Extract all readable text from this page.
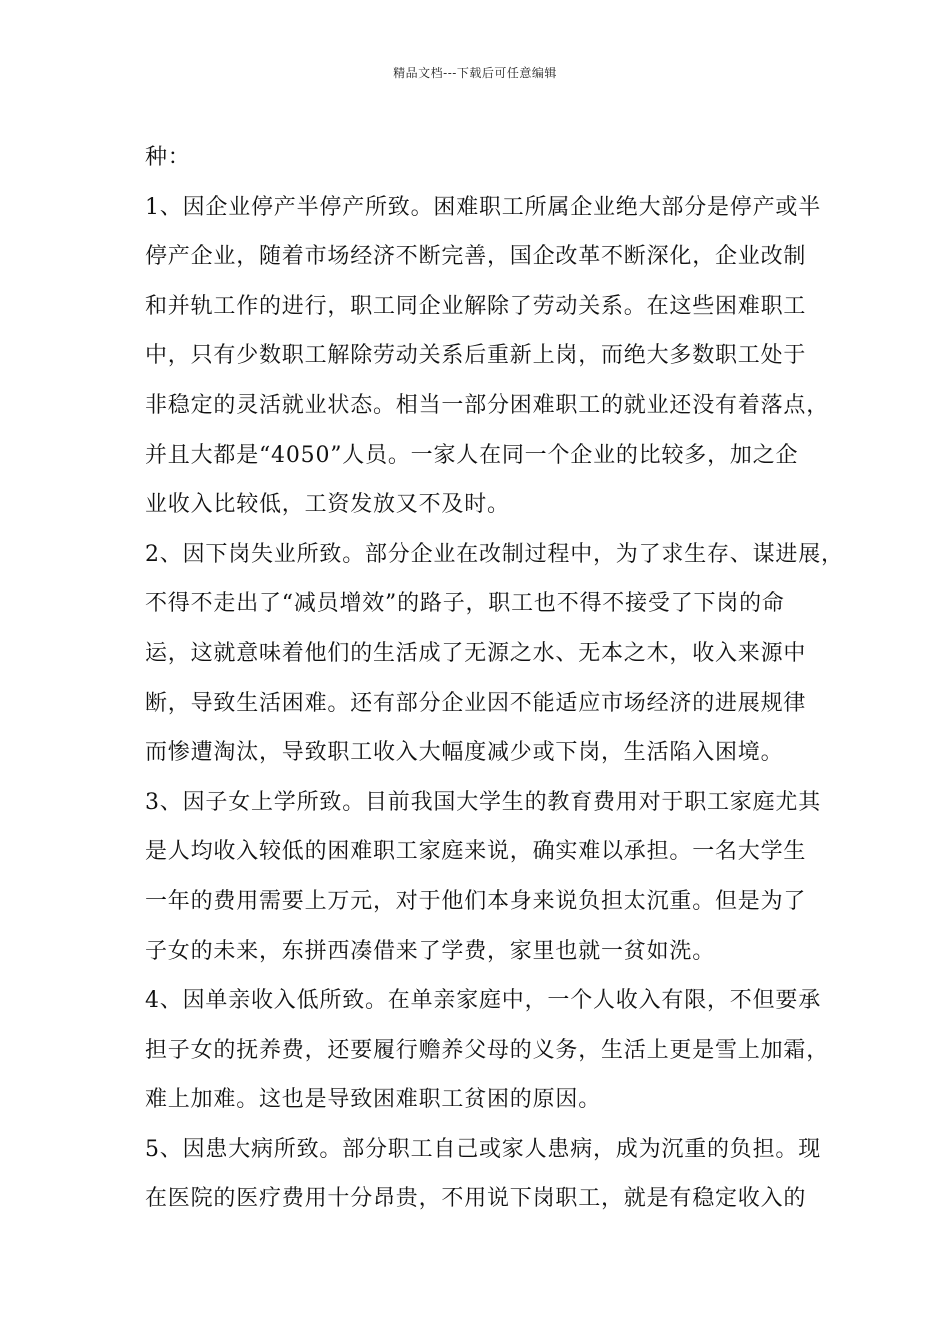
精品文档---下载后可任意编辑
种：
1、因企业停产半停产所致。困难职工所属企业绝大部分是停产或半
停产企业，随着市场经济不断完善，国企改革不断深化，企业改制
和并轨工作的进行，职工同企业解除了劳动关系。在这些困难职工
中，只有少数职工解除劳动关系后重新上岗，而绝大多数职工处于
非稳定的灵活就业状态。相当一部分困难职工的就业还没有着落点，
并且大都是“4050”人员。一家人在同一个企业的比较多，加之企
业收入比较低，工资发放又不及时。
2、因下岗失业所致。部分企业在改制过程中，为了求生存、谋进展，
不得不走出了“减员增效”的路子，职工也不得不接受了下岗的命
运，这就意味着他们的生活成了无源之水、无本之木，收入来源中
断，导致生活困难。还有部分企业因不能适应市场经济的进展规律
而惨遭淘汰，导致职工收入大幅度减少或下岗，生活陷入困境。
3、因子女上学所致。目前我国大学生的教育费用对于职工家庭尤其
是人均收入较低的困难职工家庭来说，确实难以承担。一名大学生
一年的费用需要上万元，对于他们本身来说负担太沉重。但是为了
子女的未来，东拼西凑借来了学费，家里也就一贫如洗。
4、因单亲收入低所致。在单亲家庭中，一个人收入有限，不但要承
担子女的抚养费，还要履行赡养父母的义务，生活上更是雪上加霜，
难上加难。这也是导致困难职工贫困的原因。
5、因患大病所致。部分职工自己或家人患病，成为沉重的负担。现
在医院的医疗费用十分昂贵，不用说下岗职工，就是有稳定收入的
